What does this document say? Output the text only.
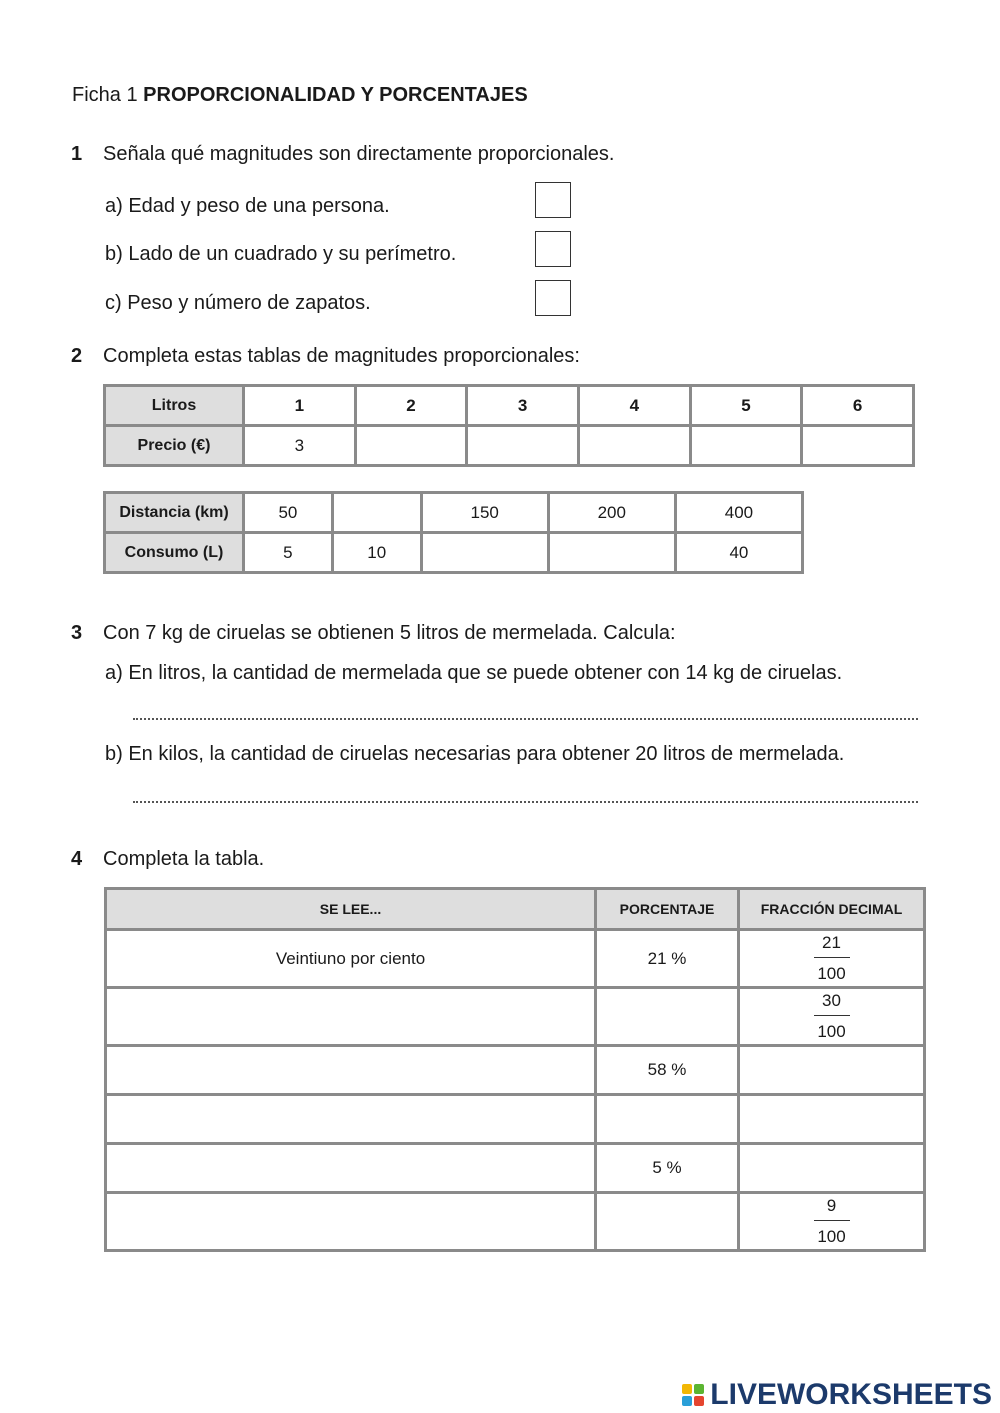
Ficha 1 PROPORCIONALIDAD Y PORCENTAJES
1 Señala qué magnitudes son directamente proporcionales.
a) Edad y peso de una persona.
b) Lado de un cuadrado y su perímetro.
c) Peso y número de zapatos.
2 Completa estas tablas de magnitudes proporcionales:
Litros	1	2	3	4	5	6
Precio (€)	3					
Distancia (km)	50		150	200	400
Consumo (L)	5	10			40
3 Con 7 kg de ciruelas se obtienen 5 litros de mermelada. Calcula:
a) En litros, la cantidad de mermelada que se puede obtener con 14 kg de ciruelas.
b) En kilos, la cantidad de ciruelas necesarias para obtener 20 litros de mermelada.
4 Completa la tabla.
SE LEE...	PORCENTAJE	FRACCIÓN DECIMAL
Veintiuno por ciento	21 %	$\frac{21}{100}$

		$\frac{30}{100}$

	58 %	

	5 %	

		$\frac{9}{100}$
LIVEWORKSHEETS
